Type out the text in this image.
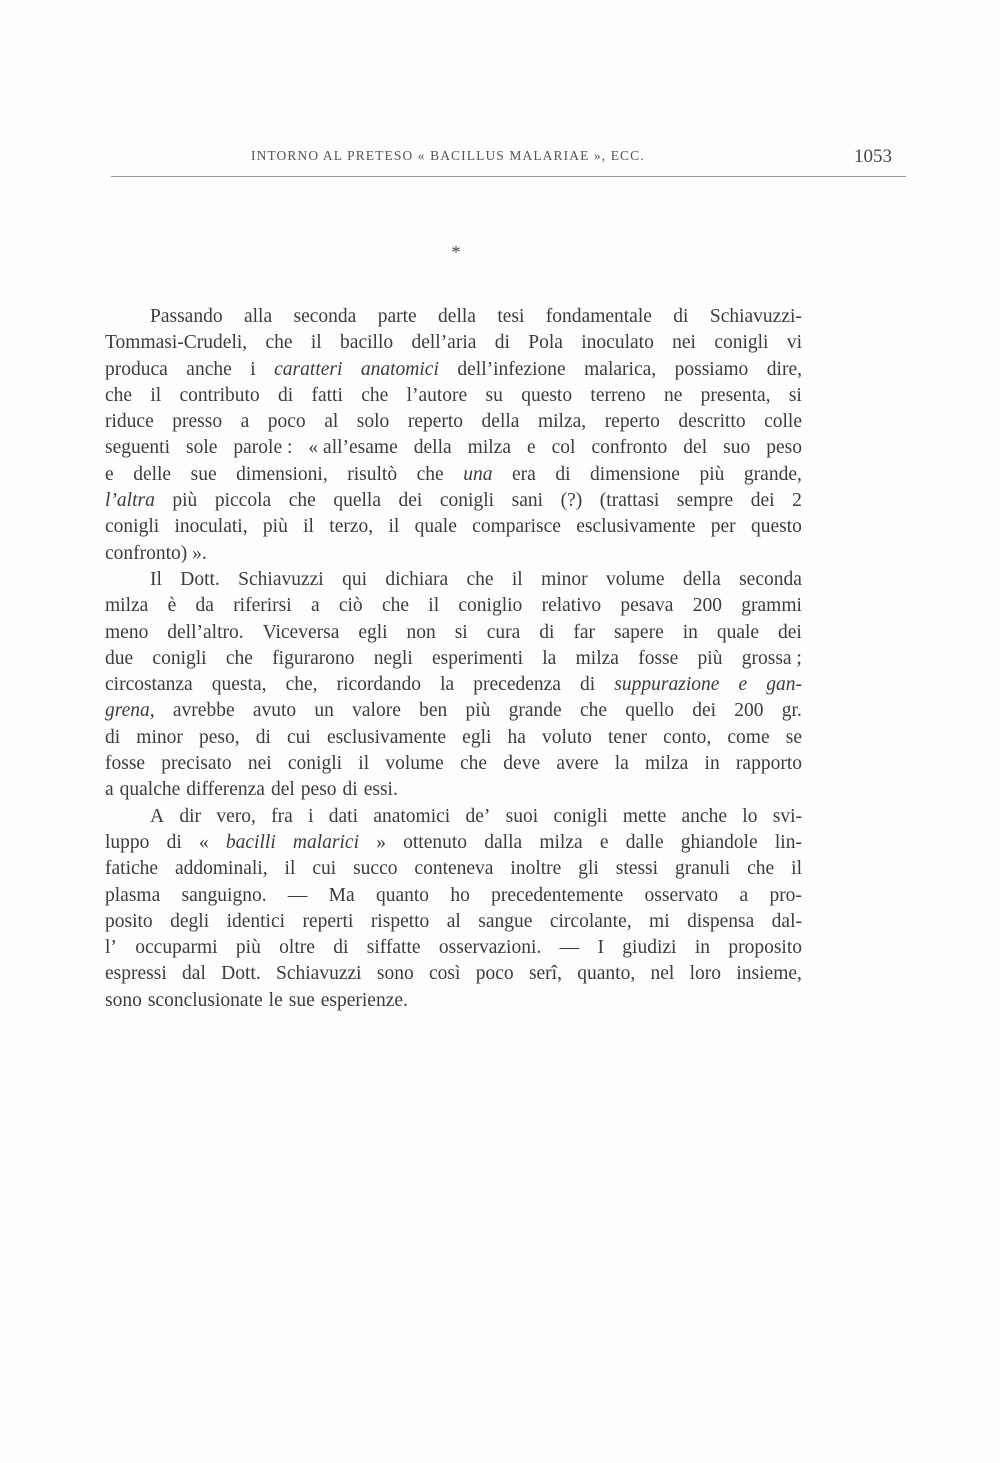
INTORNO AL PRETESO « BACILLUS MALARIAE », ECC.	1053
*
Passando alla seconda parte della tesi fondamentale di Schiavuzzi-
Tommasi-Crudeli, che il bacillo dell’aria di Pola inoculato nei conigli vi
produca anche i caratteri anatomici dell’infezione malarica, possiamo dire,
che il contributo di fatti che l’autore su questo terreno ne presenta, si
riduce presso a poco al solo reperto della milza, reperto descritto colle
seguenti sole parole : « all’esame della milza e col confronto del suo peso
e delle sue dimensioni, risultò che una era di dimensione più grande,
l’altra più piccola che quella dei conigli sani (?) (trattasi sempre dei 2
conigli inoculati, più il terzo, il quale comparisce esclusivamente per questo
confronto) ».
Il Dott. Schiavuzzi qui dichiara che il minor volume della seconda
milza è da riferirsi a ciò che il coniglio relativo pesava 200 grammi
meno dell’altro. Viceversa egli non si cura di far sapere in quale dei
due conigli che figurarono negli esperimenti la milza fosse più grossa ;
circostanza questa, che, ricordando la precedenza di suppurazione e gan-
grena, avrebbe avuto un valore ben più grande che quello dei 200 gr.
di minor peso, di cui esclusivamente egli ha voluto tener conto, come se
fosse precisato nei conigli il volume che deve avere la milza in rapporto
a qualche differenza del peso di essi.
A dir vero, fra i dati anatomici de’ suoi conigli mette anche lo svi-
luppo di « bacilli malarici » ottenuto dalla milza e dalle ghiandole lin-
fatiche addominali, il cui succo conteneva inoltre gli stessi granuli che il
plasma sanguigno. — Ma quanto ho precedentemente osservato a pro-
posito degli identici reperti rispetto al sangue circolante, mi dispensa dal-
l’ occuparmi più oltre di siffatte osservazioni. — I giudizi in proposito
espressi dal Dott. Schiavuzzi sono così poco serî, quanto, nel loro insieme,
sono sconclusionate le sue esperienze.
